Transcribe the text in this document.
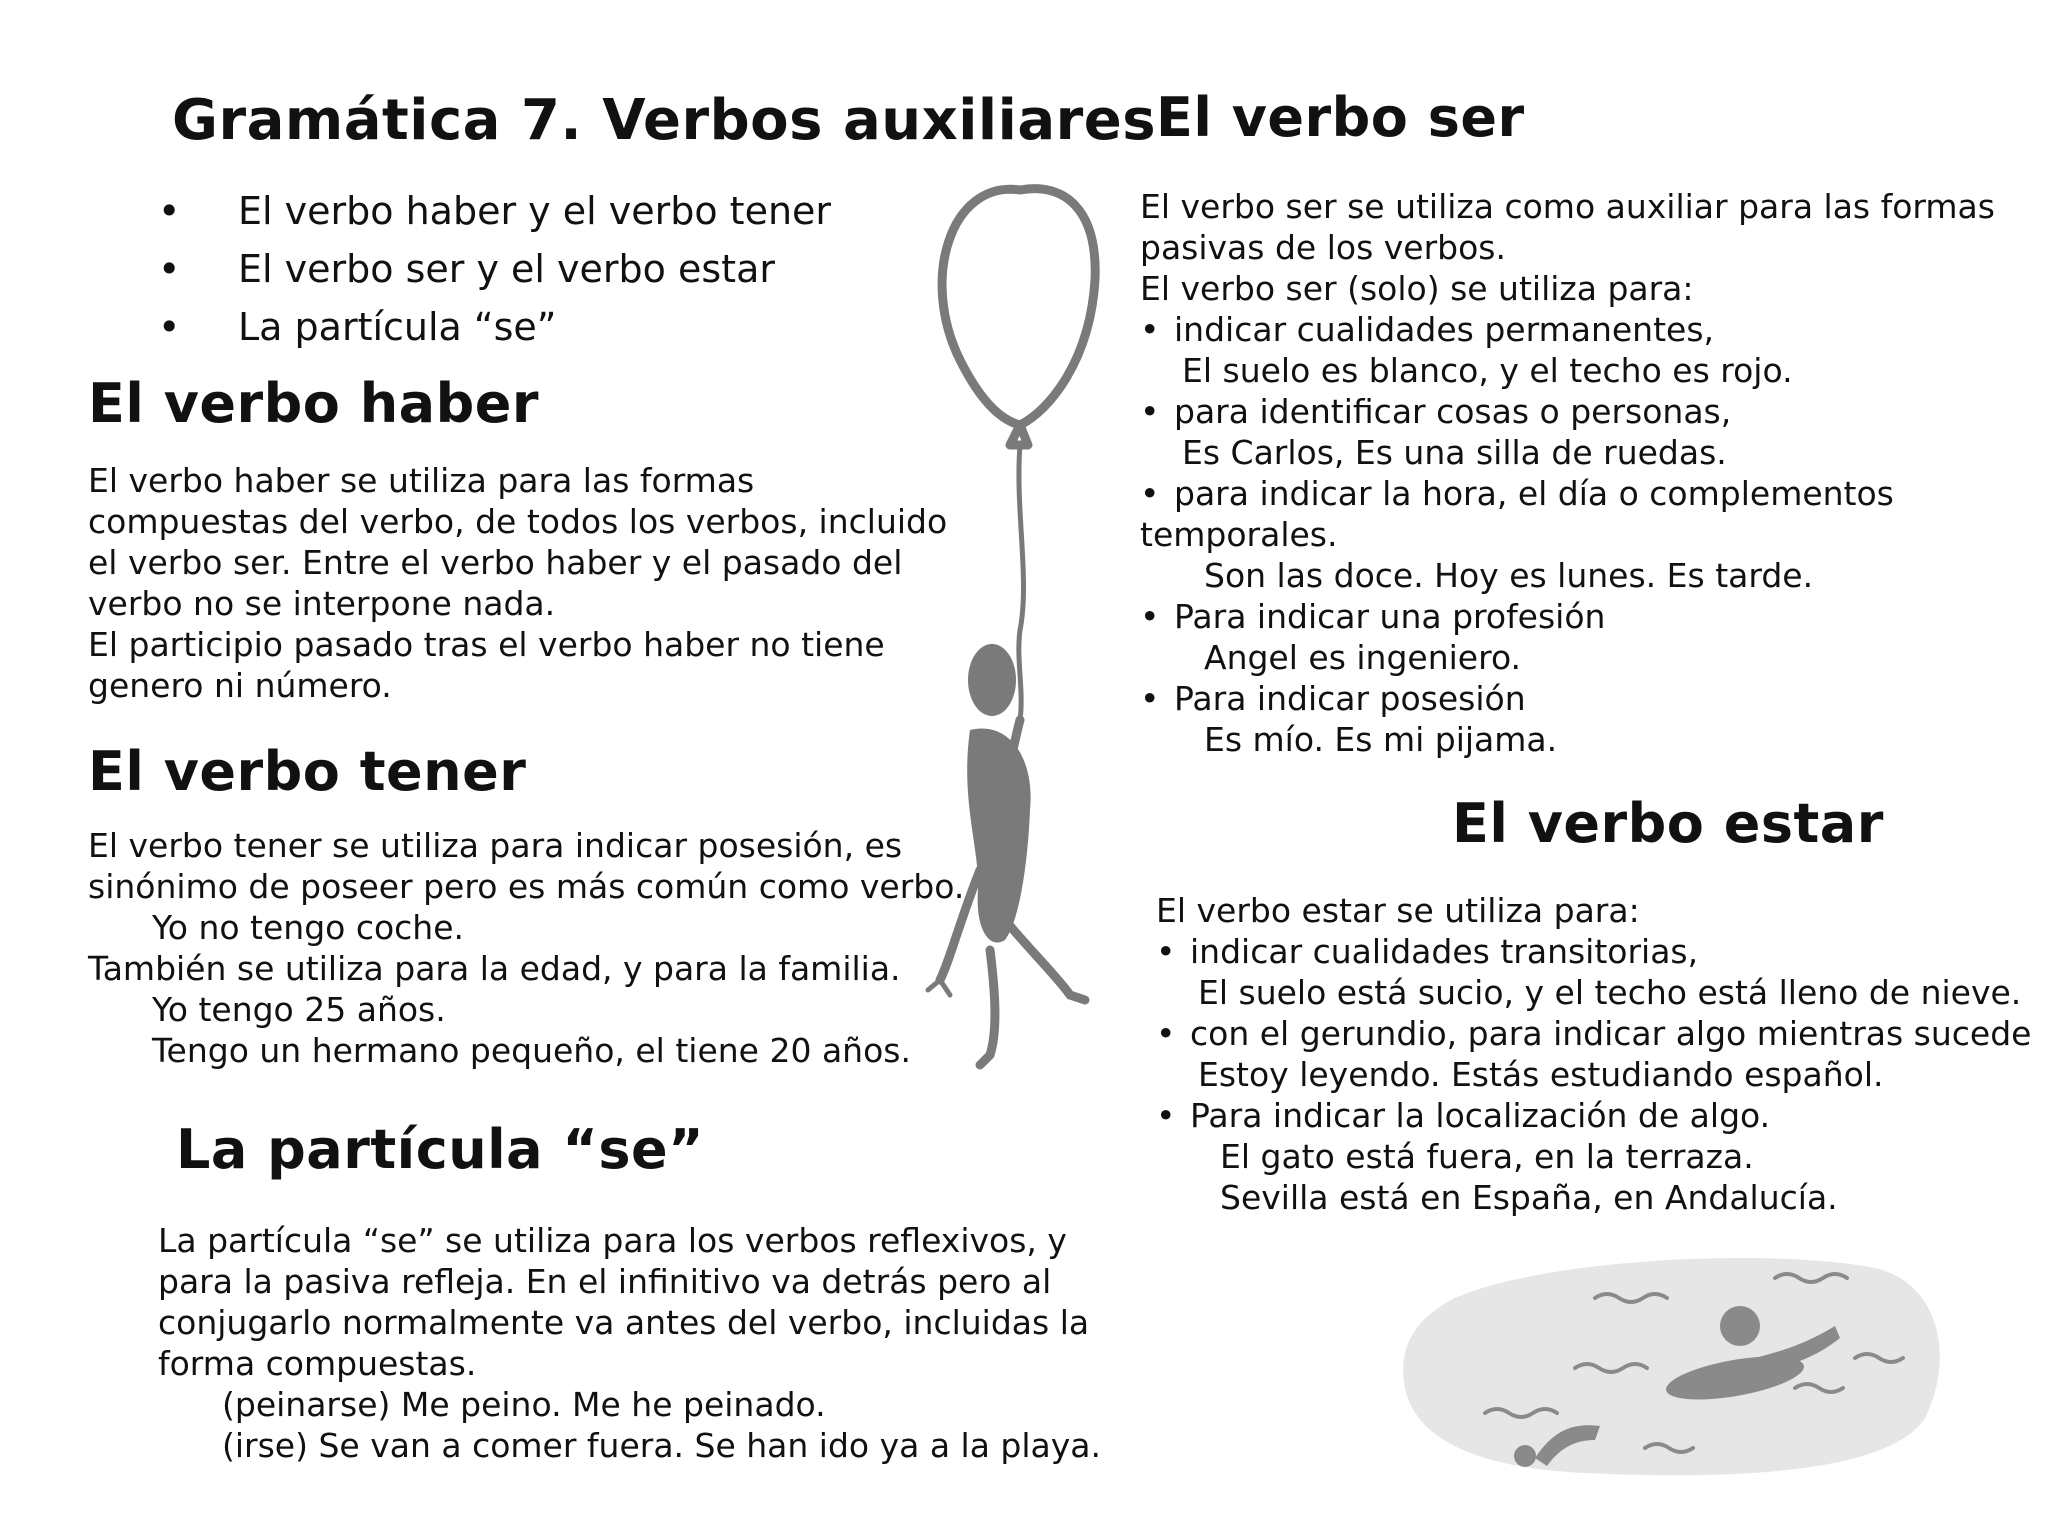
Gramática 7. Verbos auxiliares
• El verbo haber y el verbo tener
• El verbo ser y el verbo estar
• La partícula “se”
El verbo haber
El verbo haber se utiliza para las formas
compuestas del verbo, de todos los verbos, incluido
el verbo ser. Entre el verbo haber y el pasado del
verbo no se interpone nada.
El participio pasado tras el verbo haber no tiene
genero ni número.
El verbo tener
El verbo tener se utiliza para indicar posesión, es
sinónimo de poseer pero es más común como verbo.
Yo no tengo coche.
También se utiliza para la edad, y para la familia.
Yo tengo 25 años.
Tengo un hermano pequeño, el tiene 20 años.
La partícula “se”
La partícula “se” se utiliza para los verbos reflexivos, y
para la pasiva refleja. En el infinitivo va detrás pero al
conjugarlo normalmente va antes del verbo, incluidas la
forma compuestas.
(peinarse) Me peino. Me he peinado.
(irse) Se van a comer fuera. Se han ido ya a la playa.
El verbo ser
El verbo ser se utiliza como auxiliar para las formas
pasivas de los verbos.
El verbo ser (solo) se utiliza para:
• indicar cualidades permanentes,
El suelo es blanco, y el techo es rojo.
• para identificar cosas o personas,
Es Carlos, Es una silla de ruedas.
• para indicar la hora, el día o complementos
temporales.
Son las doce. Hoy es lunes. Es tarde.
• Para indicar una profesión
Angel es ingeniero.
• Para indicar posesión
Es mío. Es mi pijama.
El verbo estar
El verbo estar se utiliza para:
• indicar cualidades transitorias,
El suelo está sucio, y el techo está lleno de nieve.
• con el gerundio, para indicar algo mientras sucede
Estoy leyendo. Estás estudiando español.
• Para indicar la localización de algo.
El gato está fuera, en la terraza.
Sevilla está en España, en Andalucía.
